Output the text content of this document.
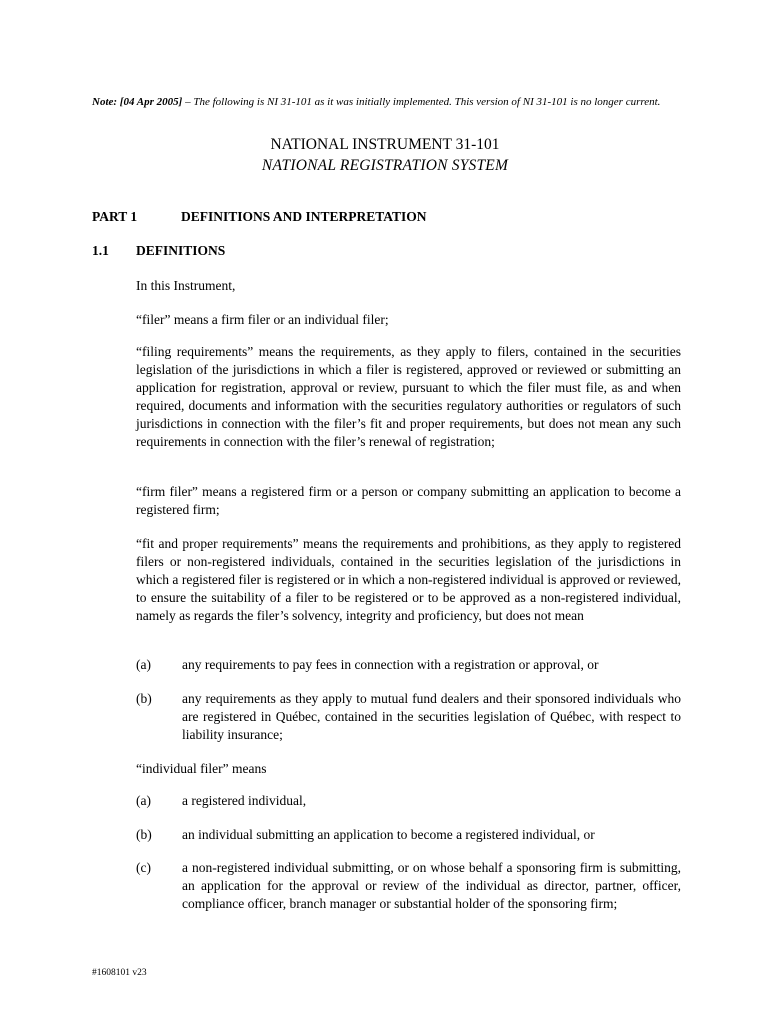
Note: [04 Apr 2005] – The following is NI 31-101 as it was initially implemented. This version of NI 31-101 is no longer current.
NATIONAL INSTRUMENT 31-101
NATIONAL REGISTRATION SYSTEM
PART 1	DEFINITIONS AND INTERPRETATION
1.1 DEFINITIONS
In this Instrument,
“filer” means a firm filer or an individual filer;
“filing requirements” means the requirements, as they apply to filers, contained in the securities legislation of the jurisdictions in which a filer is registered, approved or reviewed or submitting an application for registration, approval or review, pursuant to which the filer must file, as and when required, documents and information with the securities regulatory authorities or regulators of such jurisdictions in connection with the filer’s fit and proper requirements, but does not mean any such requirements in connection with the filer’s renewal of registration;
“firm filer” means a registered firm or a person or company submitting an application to become a registered firm;
“fit and proper requirements” means the requirements and prohibitions, as they apply to registered filers or non-registered individuals, contained in the securities legislation of the jurisdictions in which a registered filer is registered or in which a non-registered individual is approved or reviewed, to ensure the suitability of a filer to be registered or to be approved as a non-registered individual, namely as regards the filer’s solvency, integrity and proficiency, but does not mean
(a) any requirements to pay fees in connection with a registration or approval, or
(b) any requirements as they apply to mutual fund dealers and their sponsored individuals who are registered in Québec, contained in the securities legislation of Québec, with respect to liability insurance;
“individual filer” means
(a) a registered individual,
(b) an individual submitting an application to become a registered individual, or
(c) a non-registered individual submitting, or on whose behalf a sponsoring firm is submitting, an application for the approval or review of the individual as director, partner, officer, compliance officer, branch manager or substantial holder of the sponsoring firm;
#1608101 v23
